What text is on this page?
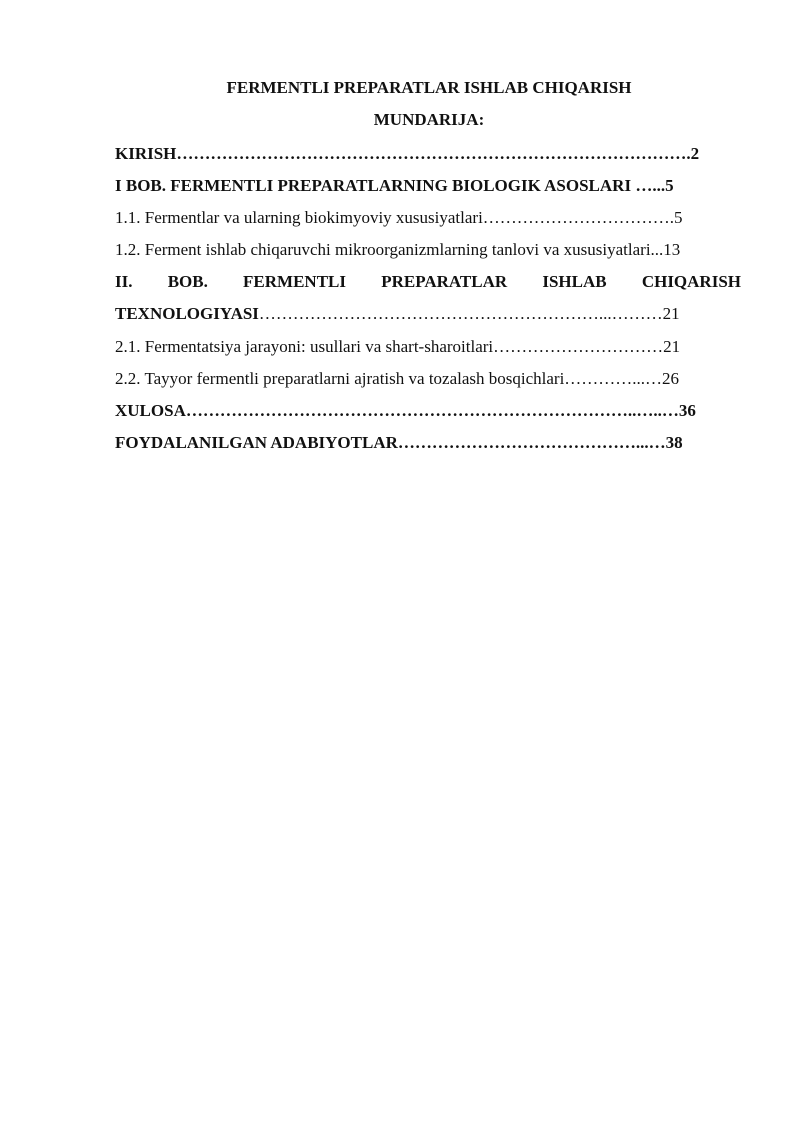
FERMENTLI PREPARATLAR ISHLAB CHIQARISH
MUNDARIJA:
KIRISH……………………………………………………………………………….2
I BOB. FERMENTLI PREPARATLARNING BIOLOGIK ASOSLARI …...5
1.1. Fermentlar va ularning biokimyoviy xususiyatlari…………………………….5
1.2. Ferment ishlab chiqaruvchi mikroorganizmlarning tanlovi va xususiyatlari...13
II. BOB. FERMENTLI PREPARATLAR ISHLAB CHIQARISH
TEXNOLOGIYASI……………………………………………………...………21
2.1. Fermentatsiya jarayoni: usullari va shart-sharoitlari…………………………21
2.2. Tayyor fermentli preparatlarni ajratish va tozalash bosqichlari…………...…26
XULOSA……………………………………………………………………..…..…36
FOYDALANILGAN ADABIYOTLAR……………………………………...…38
